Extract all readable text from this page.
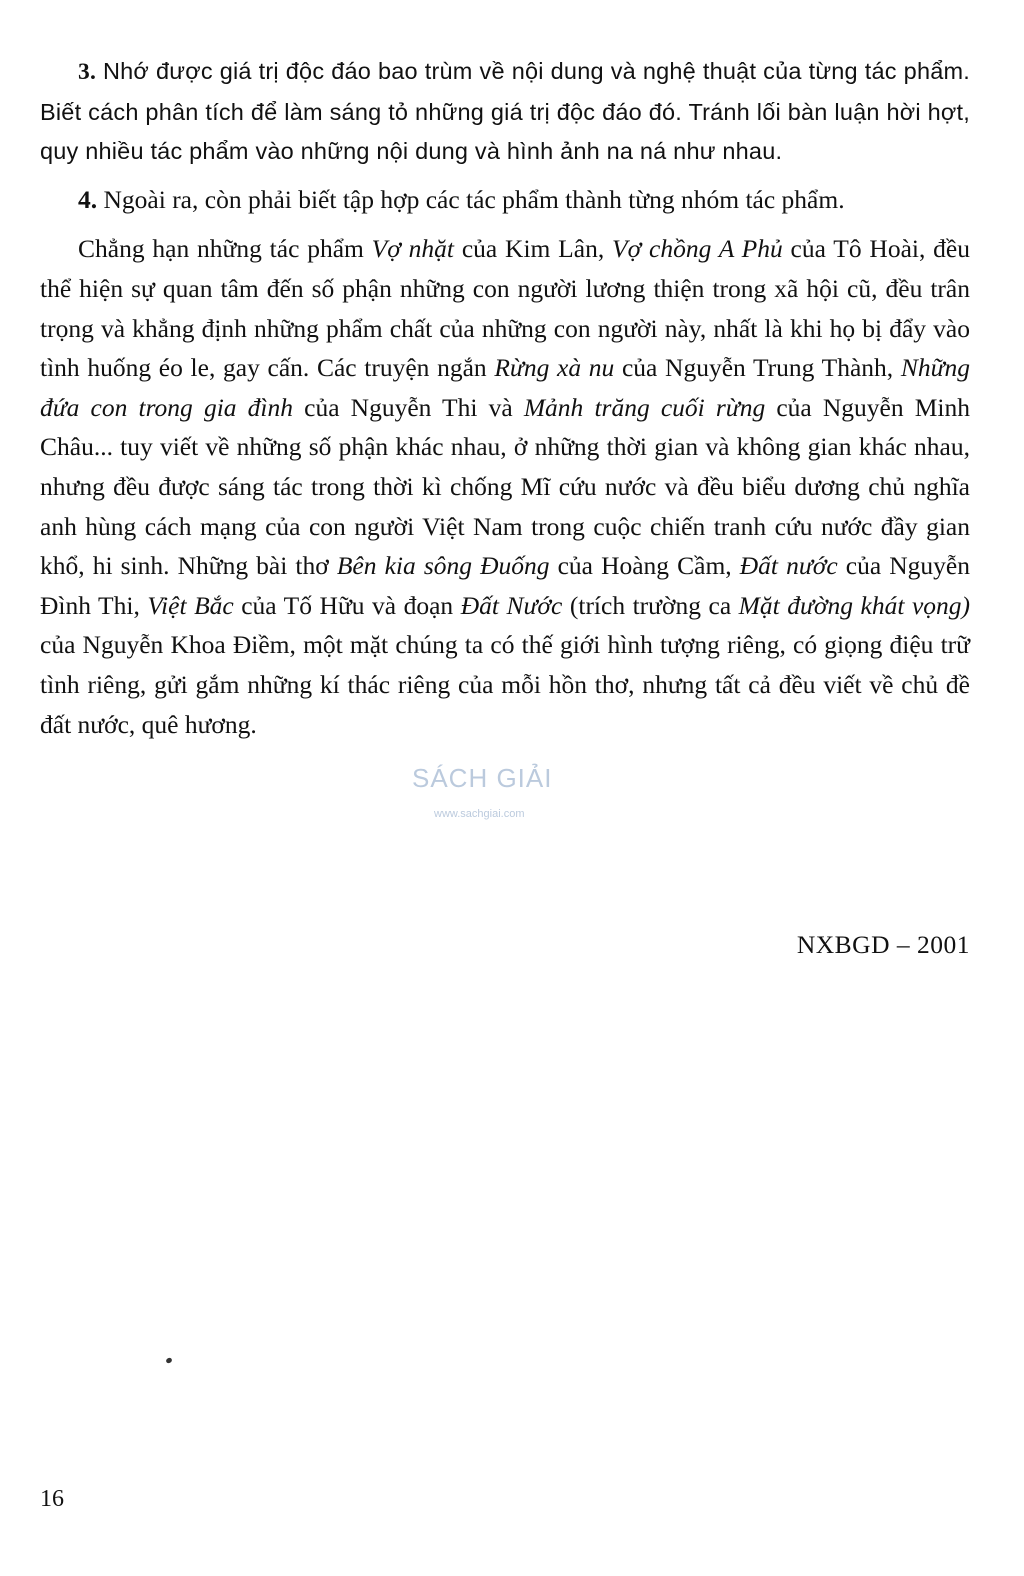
3. Nhớ được giá trị độc đáo bao trùm về nội dung và nghệ thuật của từng tác phẩm. Biết cách phân tích để làm sáng tỏ những giá trị độc đáo đó. Tránh lối bàn luận hời hợt, quy nhiều tác phẩm vào những nội dung và hình ảnh na ná như nhau.

4. Ngoài ra, còn phải biết tập hợp các tác phẩm thành từng nhóm tác phẩm.

Chẳng hạn những tác phẩm Vợ nhặt của Kim Lân, Vợ chồng A Phủ của Tô Hoài, đều thể hiện sự quan tâm đến số phận những con người lương thiện trong xã hội cũ, đều trân trọng và khẳng định những phẩm chất của những con người này, nhất là khi họ bị đẩy vào tình huống éo le, gay cấn. Các truyện ngắn Rừng xà nu của Nguyễn Trung Thành, Những đứa con trong gia đình của Nguyễn Thi và Mảnh trăng cuối rừng của Nguyễn Minh Châu... tuy viết về những số phận khác nhau, ở những thời gian và không gian khác nhau, nhưng đều được sáng tác trong thời kì chống Mĩ cứu nước và đều biểu dương chủ nghĩa anh hùng cách mạng của con người Việt Nam trong cuộc chiến tranh cứu nước đầy gian khổ, hi sinh. Những bài thơ Bên kia sông Đuống của Hoàng Cầm, Đất nước của Nguyễn Đình Thi, Việt Bắc của Tố Hữu và đoạn Đất Nước (trích trường ca Mặt đường khát vọng) của Nguyễn Khoa Điềm, một mặt chúng ta có thế giới hình tượng riêng, có giọng điệu trữ tình riêng, gửi gắm những kí thác riêng của mỗi hồn thơ, nhưng tất cả đều viết về chủ đề đất nước, quê hương.

NXBGD – 2001
SÁCH GIẢI
www.sachgiai.com
16
